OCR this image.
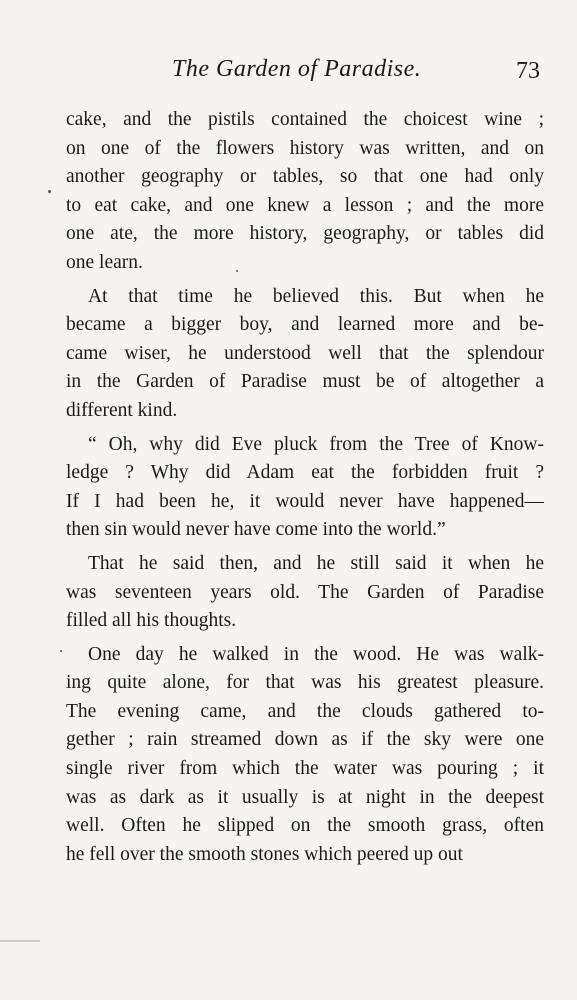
The Garden of Paradise.	73
cake, and the pistils contained the choicest wine ;
on one of the flowers history was written, and on
another geography or tables, so that one had only
to eat cake, and one knew a lesson ; and the more
one ate, the more history, geography, or tables did
one learn.
At that time he believed this. But when he
became a bigger boy, and learned more and be-
came wiser, he understood well that the splendour
in the Garden of Paradise must be of altogether a
different kind.
“ Oh, why did Eve pluck from the Tree of Know-
ledge ? Why did Adam eat the forbidden fruit ?
If I had been he, it would never have happened—
then sin would never have come into the world.”
That he said then, and he still said it when he
was seventeen years old. The Garden of Paradise
filled all his thoughts.
One day he walked in the wood. He was walk-
ing quite alone, for that was his greatest pleasure.
The evening came, and the clouds gathered to-
gether ; rain streamed down as if the sky were one
single river from which the water was pouring ; it
was as dark as it usually is at night in the deepest
well. Often he slipped on the smooth grass, often
he fell over the smooth stones which peered up out
